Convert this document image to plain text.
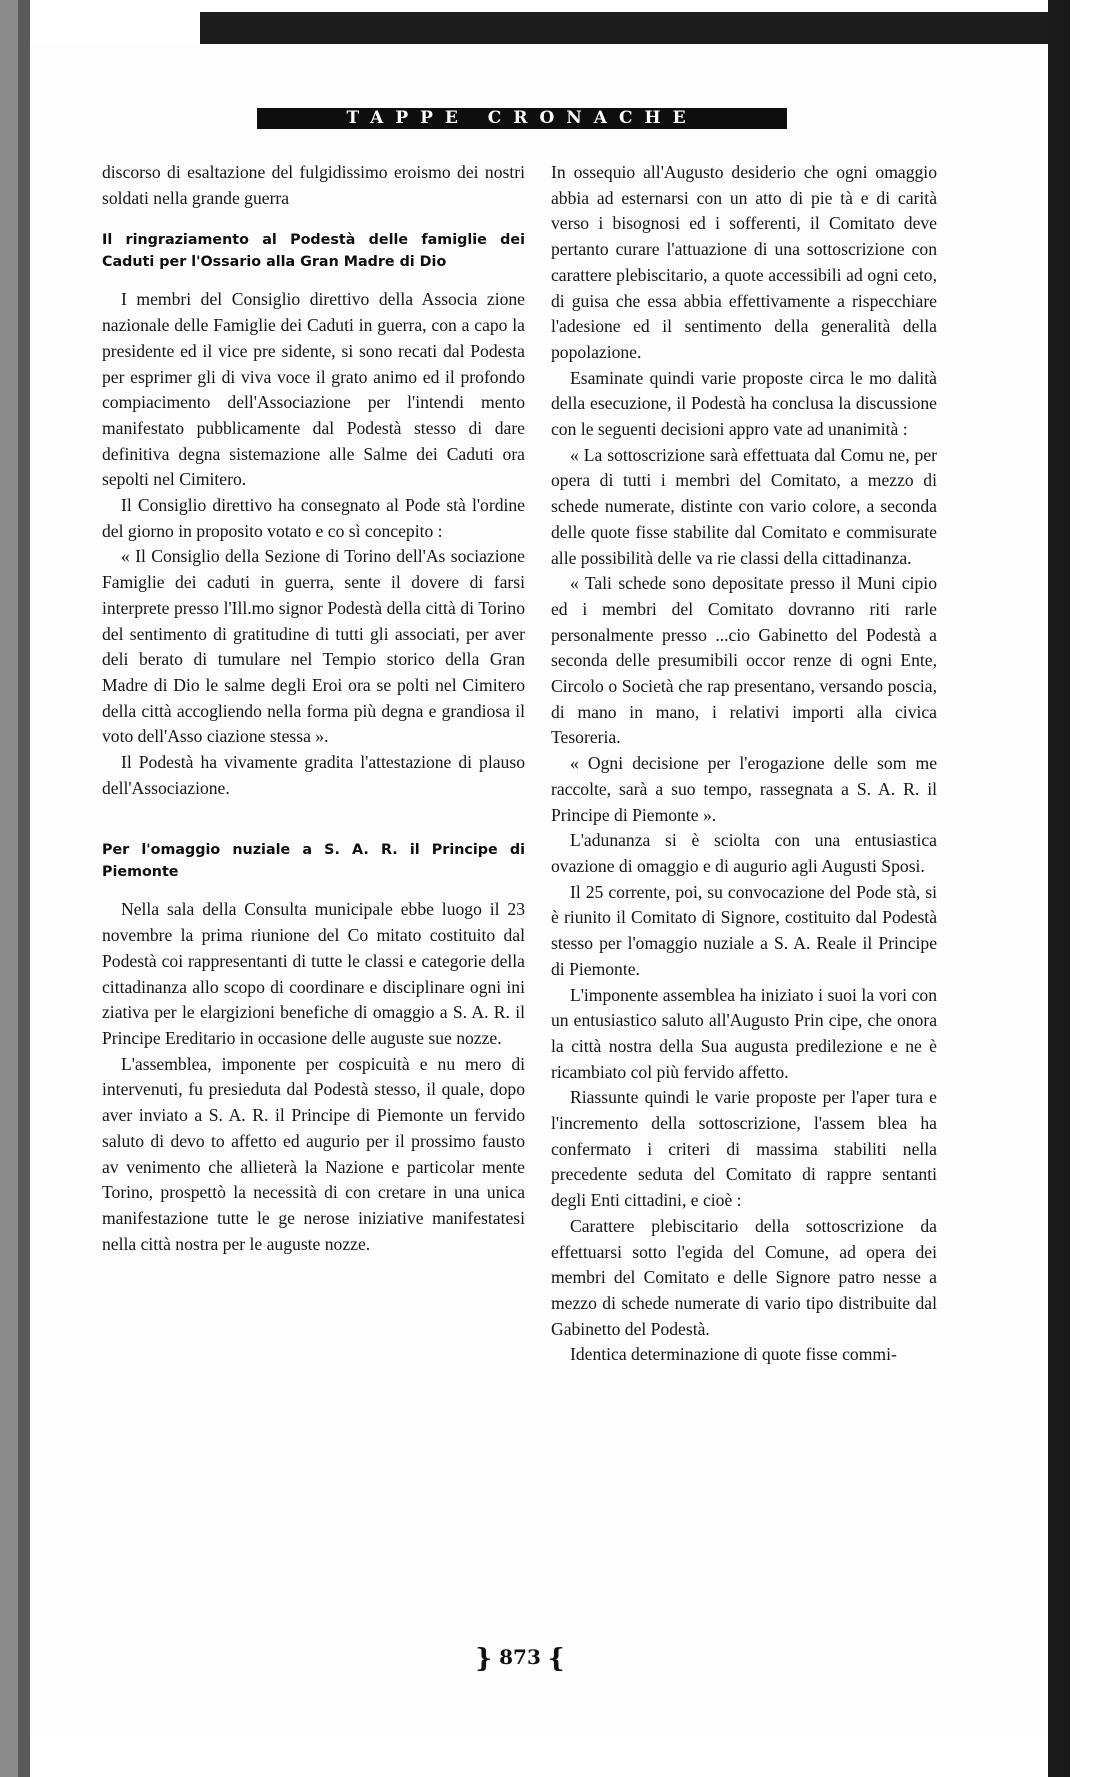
TAPPE CRONACHE

discorso di esaltazione del fulgidissimo eroismo dei nostri soldati nella grande guerra

Il ringraziamento al Podestà delle famiglie dei Caduti per l'Ossario alla Gran Madre di Dio

I membri del Consiglio direttivo della Associa zione nazionale delle Famiglie dei Caduti in guerra, con a capo la presidente ed il vice pre sidente, si sono recati dal Podesta per esprimer gli di viva voce il grato animo ed il profondo compiacimento dell'Associazione per l'intendi mento manifestato pubblicamente dal Podestà stesso di dare definitiva degna sistemazione alle Salme dei Caduti ora sepolti nel Cimitero.

Il Consiglio direttivo ha consegnato al Pode stà l'ordine del giorno in proposito votato e co sì concepito :

« Il Consiglio della Sezione di Torino dell'As sociazione Famiglie dei caduti in guerra, sente il dovere di farsi interprete presso l'Ill.mo signor Podestà della città di Torino del sentimento di gratitudine di tutti gli associati, per aver deli berato di tumulare nel Tempio storico della Gran Madre di Dio le salme degli Eroi ora se polti nel Cimitero della città accogliendo nella forma più degna e grandiosa il voto dell'Asso ciazione stessa ».

Il Podestà ha vivamente gradita l'attestazione di plauso dell'Associazione.

Per l'omaggio nuziale a S. A. R. il Principe di Piemonte

Nella sala della Consulta municipale ebbe luogo il 23 novembre la prima riunione del Co mitato costituito dal Podestà coi rappresentanti di tutte le classi e categorie della cittadinanza allo scopo di coordinare e disciplinare ogni ini ziativa per le elargizioni benefiche di omaggio a S. A. R. il Principe Ereditario in occasione delle auguste sue nozze.

L'assemblea, imponente per cospicuità e nu mero di intervenuti, fu presieduta dal Podestà stesso, il quale, dopo aver inviato a S. A. R. il Principe di Piemonte un fervido saluto di devo to affetto ed augurio per il prossimo fausto av venimento che allieterà la Nazione e particolar mente Torino, prospettò la necessità di con cretare in una unica manifestazione tutte le ge nerose iniziative manifestatesi nella città nostra per le auguste nozze.

In ossequio all'Augusto desiderio che ogni omaggio abbia ad esternarsi con un atto di pie tà e di carità verso i bisognosi ed i sofferenti, il Comitato deve pertanto curare l'attuazione di una sottoscrizione con carattere plebiscitario, a quote accessibili ad ogni ceto, di guisa che essa abbia effettivamente a rispecchiare l'adesione ed il sentimento della generalità della popolazione.

Esaminate quindi varie proposte circa le mo dalità della esecuzione, il Podestà ha conclusa la discussione con le seguenti decisioni appro vate ad unanimità :

« La sottoscrizione sarà effettuata dal Comu ne, per opera di tutti i membri del Comitato, a mezzo di schede numerate, distinte con vario colore, a seconda delle quote fisse stabilite dal Comitato e commisurate alle possibilità delle va rie classi della cittadinanza.

« Tali schede sono depositate presso il Muni cipio ed i membri del Comitato dovranno riti rarle personalmente presso ...cio Gabinetto del Podestà a seconda delle presumibili occor renze di ogni Ente, Circolo o Società che rap presentano, versando poscia, di mano in mano, i relativi importi alla civica Tesoreria.

« Ogni decisione per l'erogazione delle som me raccolte, sarà a suo tempo, rassegnata a S. A. R. il Principe di Piemonte ».

L'adunanza si è sciolta con una entusiastica ovazione di omaggio e di augurio agli Augusti Sposi.

Il 25 corrente, poi, su convocazione del Pode stà, si è riunito il Comitato di Signore, costituito dal Podestà stesso per l'omaggio nuziale a S. A. Reale il Principe di Piemonte.

L'imponente assemblea ha iniziato i suoi la vori con un entusiastico saluto all'Augusto Prin cipe, che onora la città nostra della Sua augusta predilezione e ne è ricambiato col più fervido affetto.

Riassunte quindi le varie proposte per l'aper tura e l'incremento della sottoscrizione, l'assem blea ha confermato i criteri di massima stabiliti nella precedente seduta del Comitato di rappre sentanti degli Enti cittadini, e cioè :

Carattere plebiscitario della sottoscrizione da effettuarsi sotto l'egida del Comune, ad opera dei membri del Comitato e delle Signore patro nesse a mezzo di schede numerate di vario tipo distribuite dal Gabinetto del Podestà.

Identica determinazione di quote fisse commi-

} 873 {
